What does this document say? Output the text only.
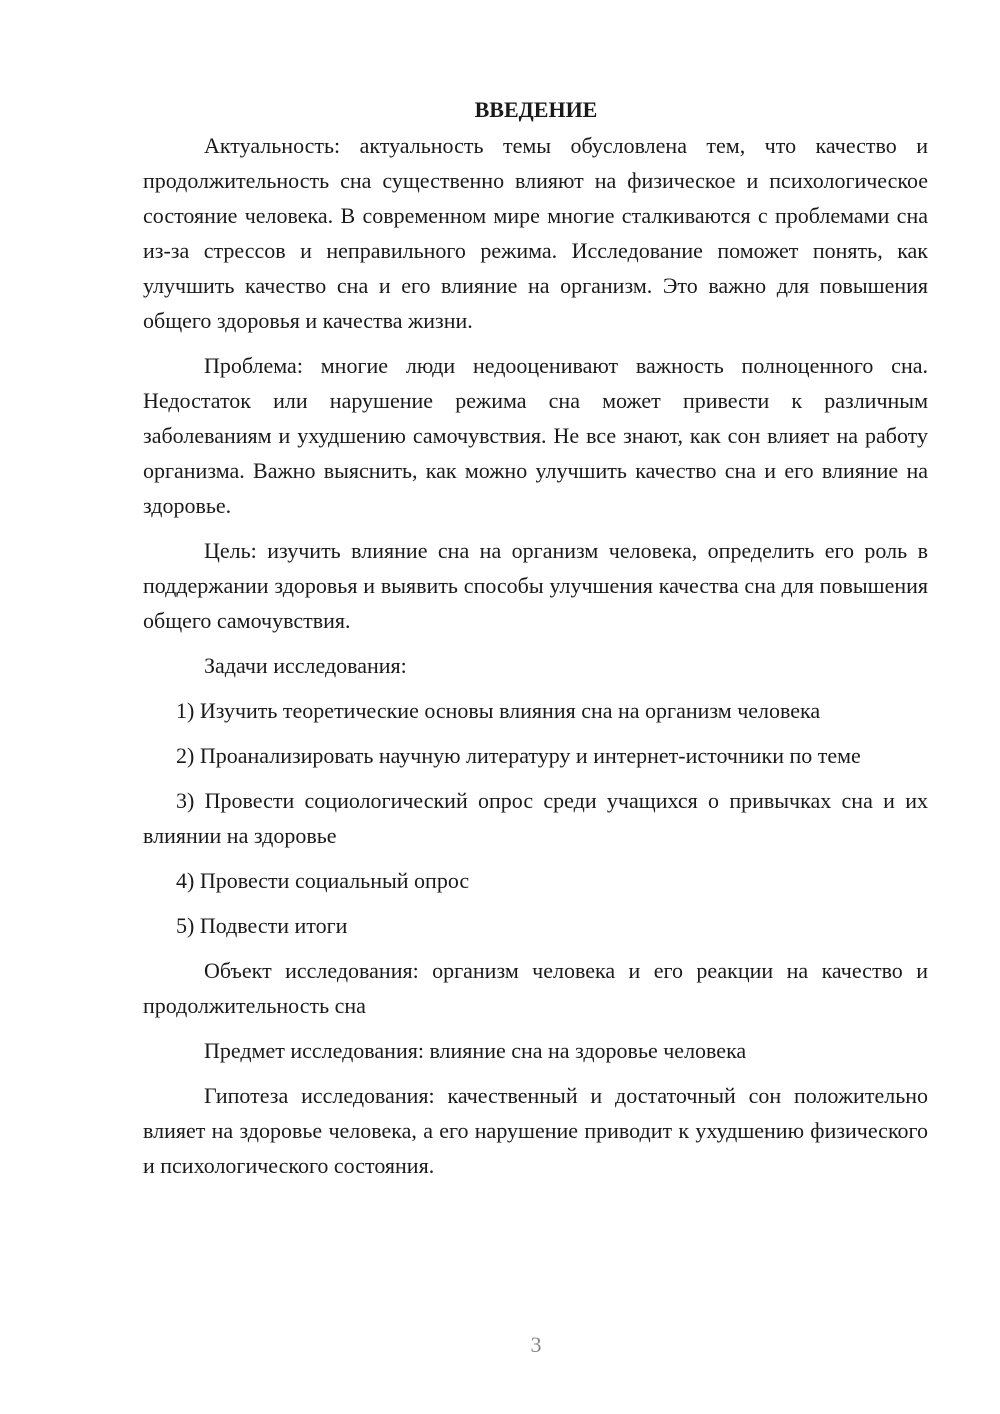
ВВЕДЕНИЕ

Актуальность: актуальность темы обусловлена тем, что качество и продолжительность сна существенно влияют на физическое и психологическое состояние человека. В современном мире многие сталкиваются с проблемами сна из-за стрессов и неправильного режима. Исследование поможет понять, как улучшить качество сна и его влияние на организм. Это важно для повышения общего здоровья и качества жизни.

Проблема: многие люди недооценивают важность полноценного сна. Недостаток или нарушение режима сна может привести к различным заболеваниям и ухудшению самочувствия. Не все знают, как сон влияет на работу организма. Важно выяснить, как можно улучшить качество сна и его влияние на здоровье.

Цель: изучить влияние сна на организм человека, определить его роль в поддержании здоровья и выявить способы улучшения качества сна для повышения общего самочувствия.

Задачи исследования:

1) Изучить теоретические основы влияния сна на организм человека

2) Проанализировать научную литературу и интернет-источники по теме

3) Провести социологический опрос среди учащихся о привычках сна и их влиянии на здоровье

4) Провести социальный опрос

5) Подвести итоги

Объект исследования: организм человека и его реакции на качество и продолжительность сна

Предмет исследования: влияние сна на здоровье человека

Гипотеза исследования: качественный и достаточный сон положительно влияет на здоровье человека, а его нарушение приводит к ухудшению физического и психологического состояния.

3
